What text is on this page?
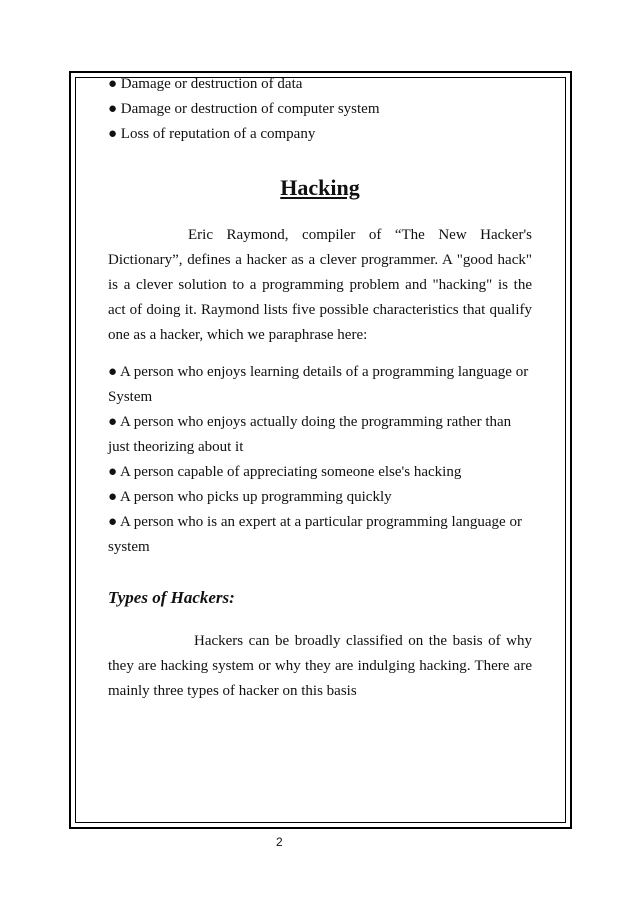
● Damage or destruction of data
● Damage or destruction of computer system
● Loss of reputation of a company
Hacking
Eric Raymond, compiler of “The New Hacker's
Dictionary”, defines a hacker as a clever programmer. A "good hack"
is a clever solution to a programming problem and "hacking" is the
act of doing it. Raymond lists five possible characteristics that qualify
one as a hacker, which we paraphrase here:
● A person who enjoys learning details of a programming language or
System
● A person who enjoys actually doing the programming rather than
just theorizing about it
● A person capable of appreciating someone else's hacking
● A person who picks up programming quickly
● A person who is an expert at a particular programming language or
system
Types of Hackers:
Hackers can be broadly classified on the basis of why
they are hacking system or why they are indulging hacking. There are
mainly three types of hacker on this basis
2
